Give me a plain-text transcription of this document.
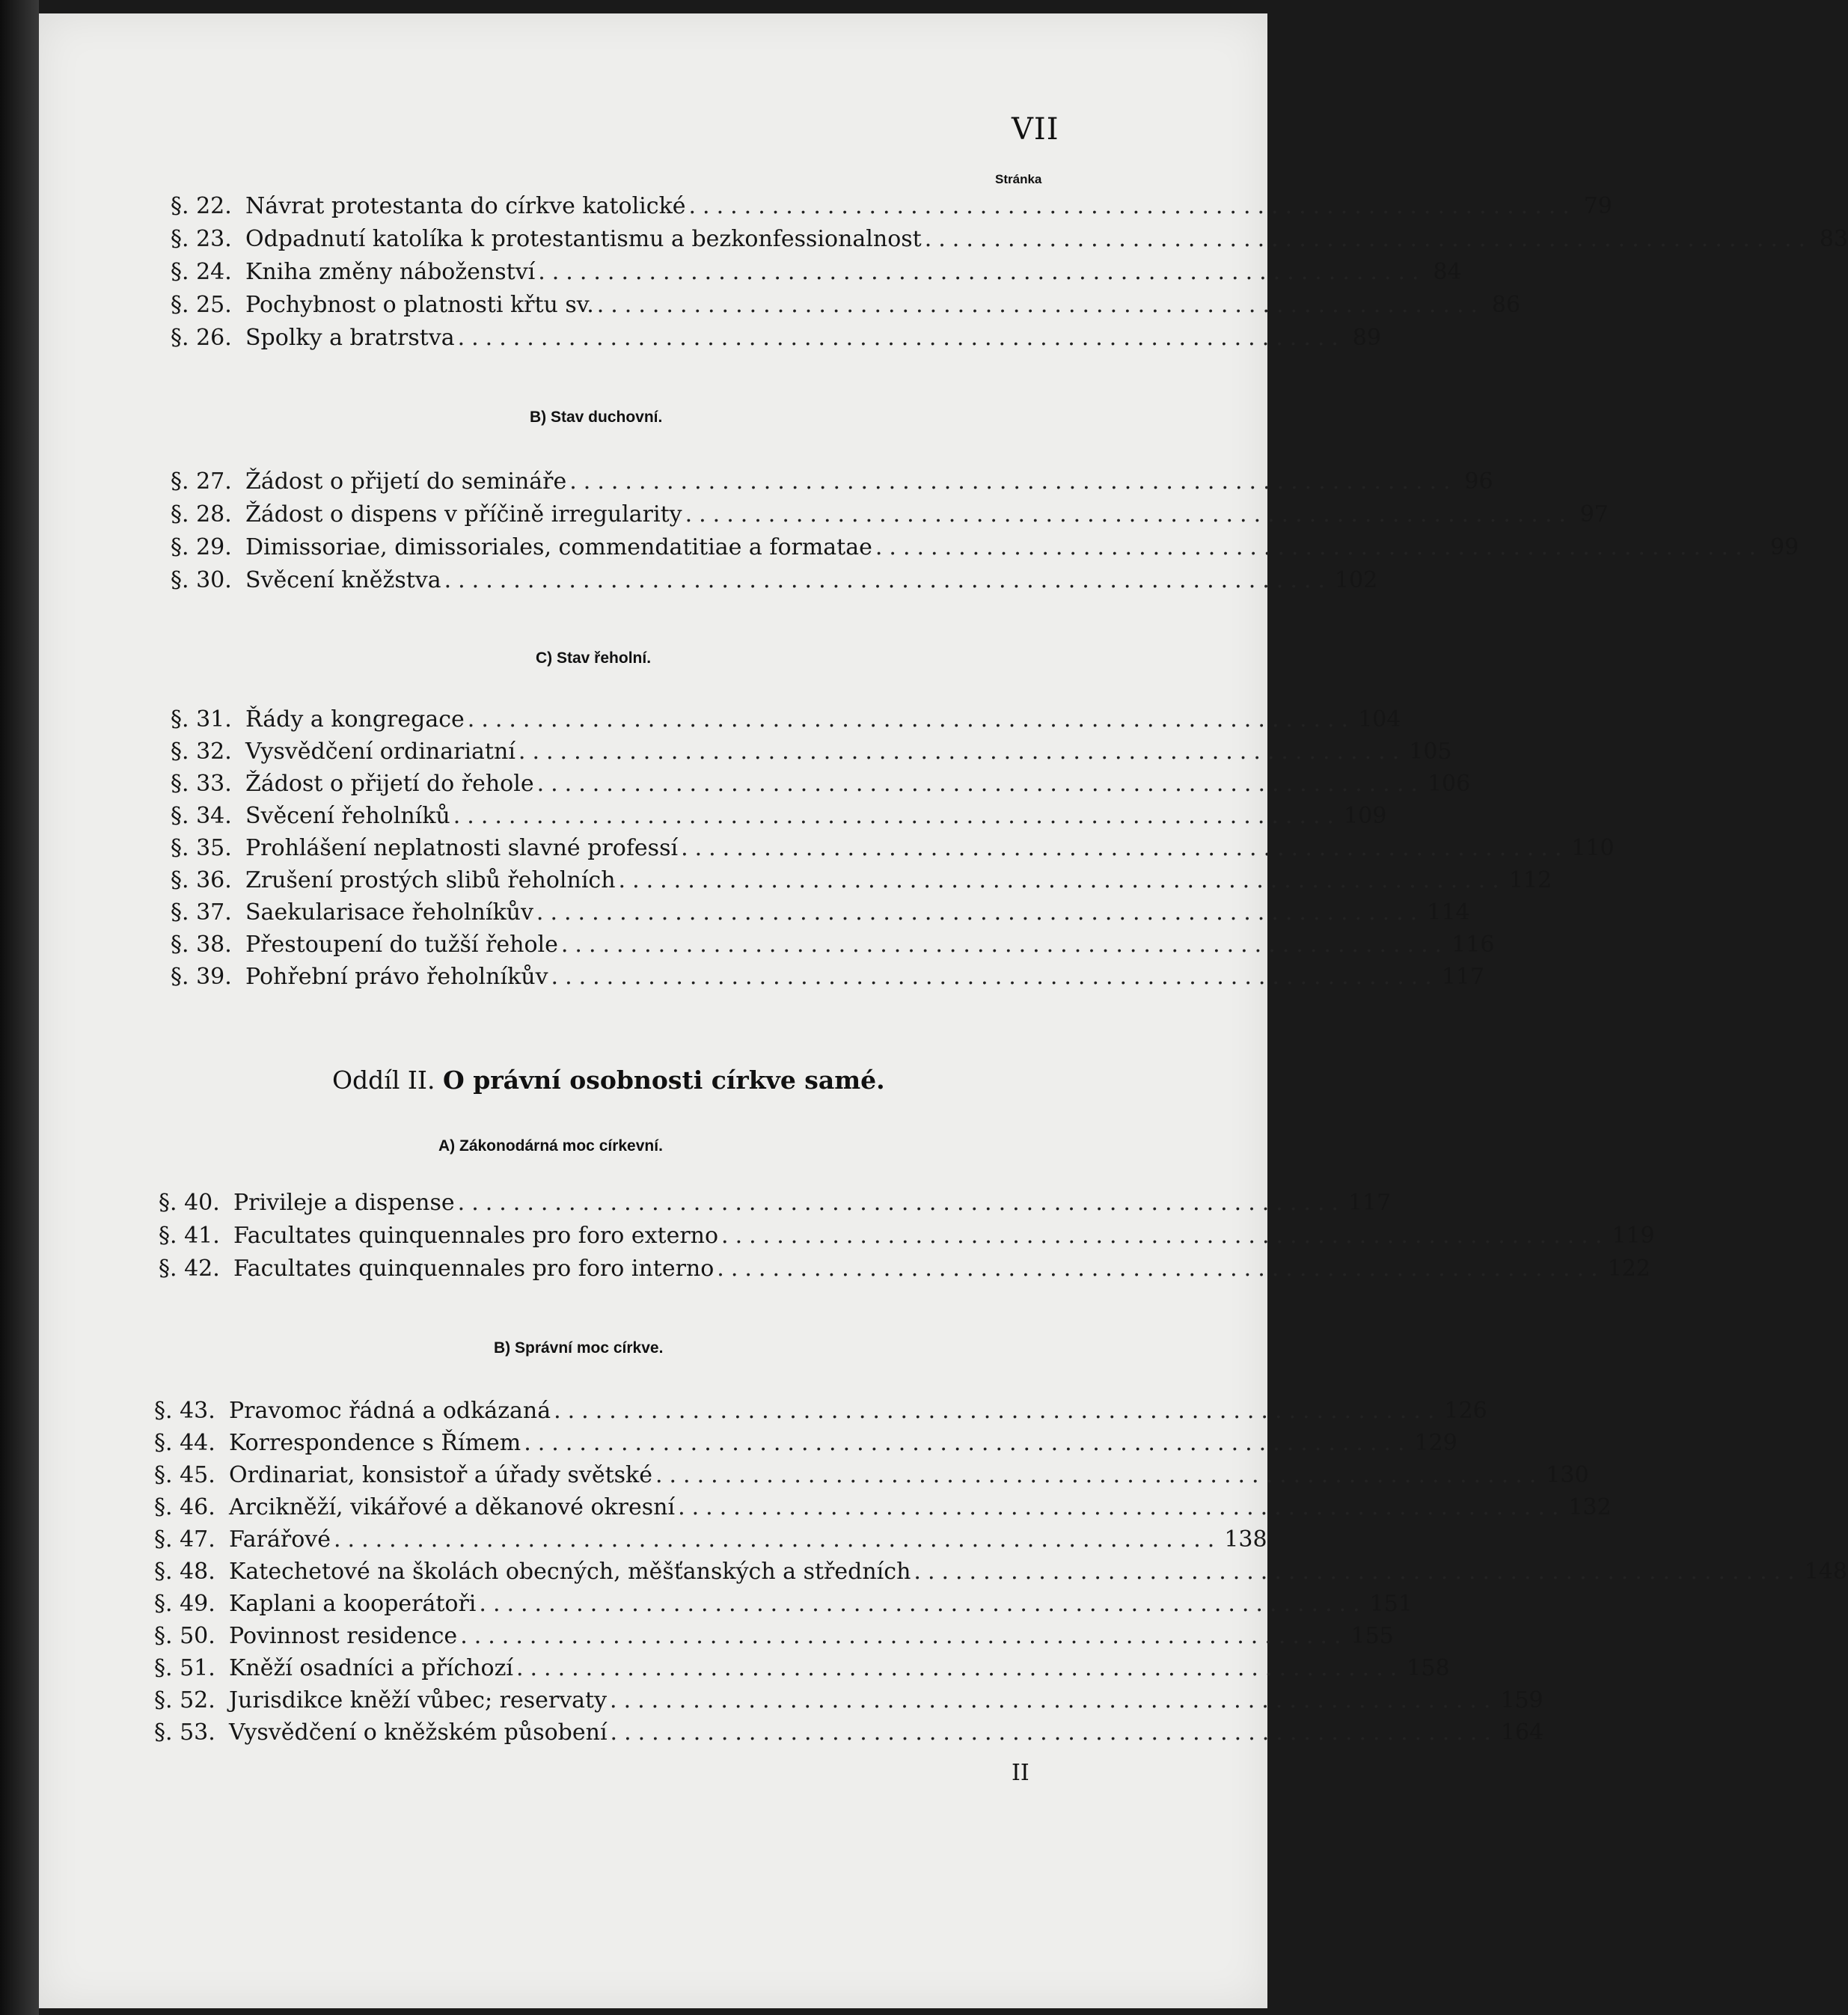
VII
Stránka
§. 22. Návrat protestanta do církve katolické ................................................................ 79
§. 23. Odpadnutí katolíka k protestantismu a bezkonfessionalnost ................................................................ 83
§. 24. Kniha změny náboženství ................................................................ 84
§. 25. Pochybnost o platnosti křtu sv. ................................................................ 86
§. 26. Spolky a bratrstva ................................................................ 89
B) Stav duchovní.
§. 27. Žádost o přijetí do semináře ................................................................ 96
§. 28. Žádost o dispens v příčině irregularity ................................................................ 97
§. 29. Dimissoriae, dimissoriales, commendatitiae a formatae ................................................................ 99
§. 30. Svěcení kněžstva ................................................................ 102
C) Stav řeholní.
§. 31. Řády a kongregace ................................................................ 104
§. 32. Vysvědčení ordinariatní ................................................................ 105
§. 33. Žádost o přijetí do řehole ................................................................ 106
§. 34. Svěcení řeholníků ................................................................ 109
§. 35. Prohlášení neplatnosti slavné professí ................................................................ 110
§. 36. Zrušení prostých slibů řeholních ................................................................ 112
§. 37. Saekularisace řeholníkův ................................................................ 114
§. 38. Přestoupení do tužší řehole ................................................................ 116
§. 39. Pohřební právo řeholníkův ................................................................ 117
Oddíl II. O právní osobnosti církve samé.
A) Zákonodárná moc církevní.
§. 40. Privileje a dispense ................................................................ 117
§. 41. Facultates quinquennales pro foro externo ................................................................ 119
§. 42. Facultates quinquennales pro foro interno ................................................................ 122
B) Správní moc církve.
§. 43. Pravomoc řádná a odkázaná ................................................................ 126
§. 44. Korrespondence s Římem ................................................................ 129
§. 45. Ordinariat, konsistoř a úřady světské ................................................................ 130
§. 46. Arcikněží, vikářové a děkanové okresní ................................................................ 132
§. 47. Farářové ................................................................ 138
§. 48. Katechetové na školách obecných, měšťanských a středních ................................................................ 148
§. 49. Kaplani a kooperátoři ................................................................ 151
§. 50. Povinnost residence ................................................................ 155
§. 51. Kněží osadníci a příchozí ................................................................ 158
§. 52. Jurisdikce kněží vůbec; reservaty ................................................................ 159
§. 53. Vysvědčení o kněžském působení ................................................................ 164
II
